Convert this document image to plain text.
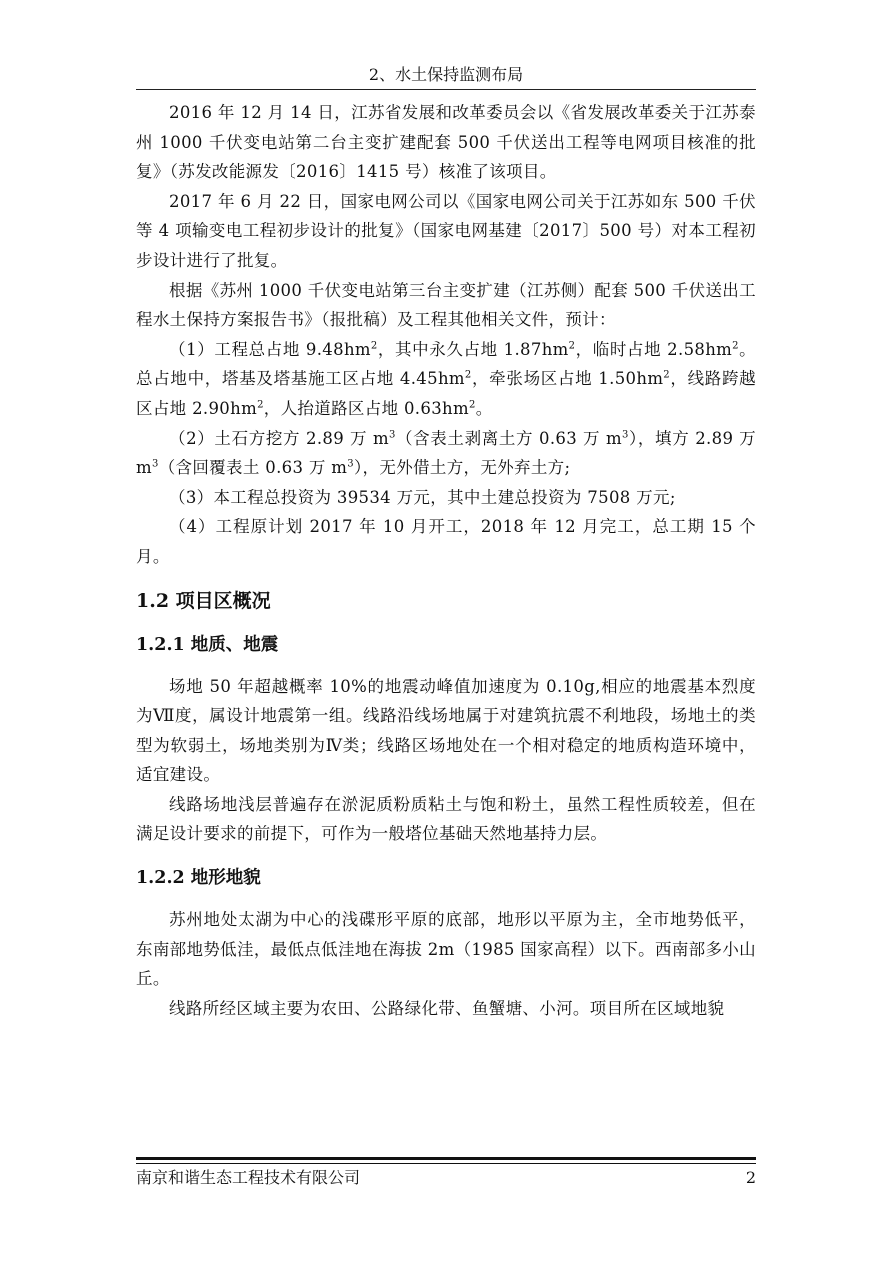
2、水土保持监测布局

2016 年 12 月 14 日，江苏省发展和改革委员会以《省发展改革委关于江苏泰州 1000 千伏变电站第二台主变扩建配套 500 千伏送出工程等电网项目核准的批复》（苏发改能源发〔2016〕1415 号）核准了该项目。

2017 年 6 月 22 日，国家电网公司以《国家电网公司关于江苏如东 500 千伏等 4 项输变电工程初步设计的批复》（国家电网基建〔2017〕500 号）对本工程初步设计进行了批复。

根据《苏州 1000 千伏变电站第三台主变扩建（江苏侧）配套 500 千伏送出工程水土保持方案报告书》（报批稿）及工程其他相关文件，预计：

（1）工程总占地 $9.48hm^2$，其中永久占地 $1.87hm^2$，临时占地 $2.58hm^2$。总占地中，塔基及塔基施工区占地 $4.45hm^2$，牵张场区占地 $1.50hm^2$，线路跨越区占地 $2.90hm^2$，人抬道路区占地 $0.63hm^2$。

（2）土石方挖方 2.89 万 $m^3$（含表土剥离土方 0.63 万 $m^3$），填方 2.89 万 $m^3$（含回覆表土 0.63 万 $m^3$），无外借土方，无外弃土方;

（3）本工程总投资为 39534 万元，其中土建总投资为 7508 万元;

（4）工程原计划 2017 年 10 月开工，2018 年 12 月完工，总工期 15 个月。

1.2 项目区概况
1.2.1 地质、地震

场地 50 年超越概率 10%的地震动峰值加速度为 0.10g,相应的地震基本烈度为Ⅶ度，属设计地震第一组。线路沿线场地属于对建筑抗震不利地段，场地土的类型为软弱土，场地类别为Ⅳ类；线路区场地处在一个相对稳定的地质构造环境中，适宜建设。

线路场地浅层普遍存在淤泥质粉质粘土与饱和粉土，虽然工程性质较差，但在满足设计要求的前提下，可作为一般塔位基础天然地基持力层。

1.2.2 地形地貌

苏州地处太湖为中心的浅碟形平原的底部，地形以平原为主，全市地势低平，东南部地势低洼，最低点低洼地在海拔 2m（1985 国家高程）以下。西南部多小山丘。

线路所经区域主要为农田、公路绿化带、鱼蟹塘、小河。项目所在区域地貌

南京和谐生态工程技术有限公司	2
